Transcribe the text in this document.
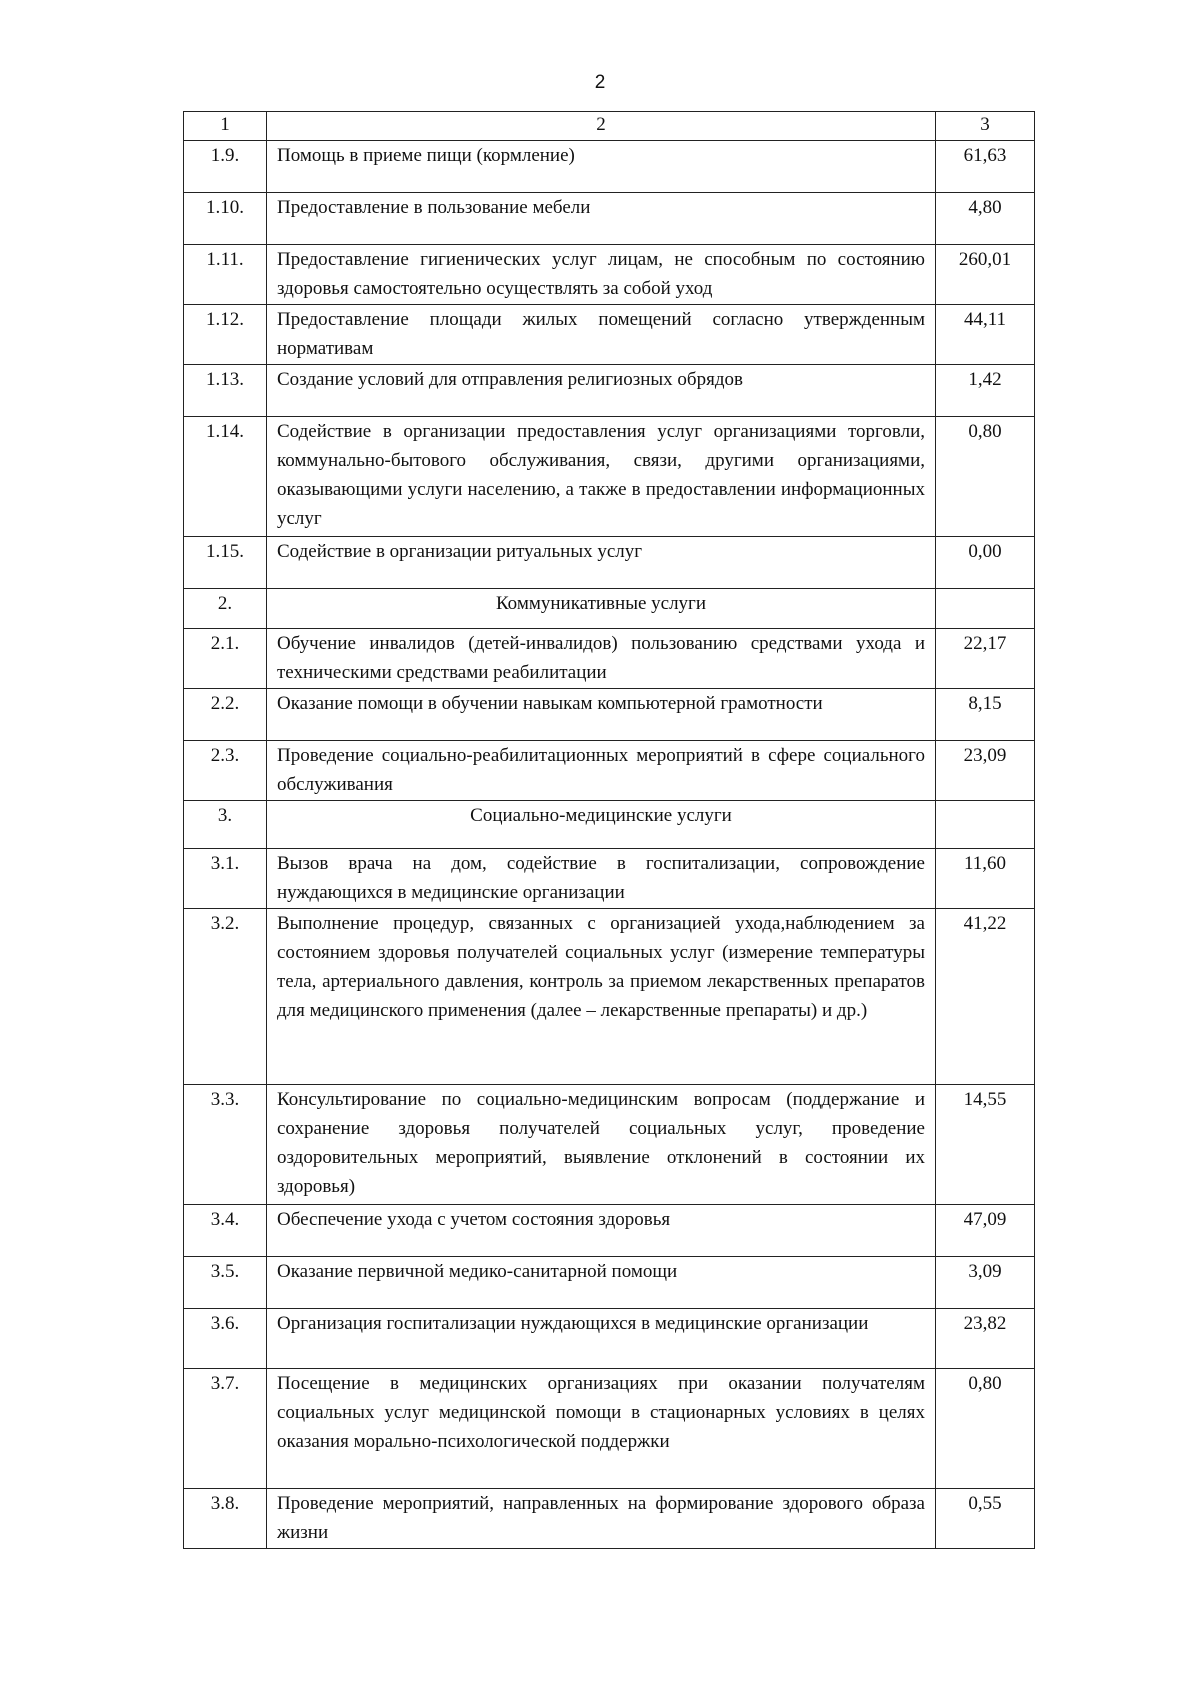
2
1	2	3
1.9.	Помощь в приеме пищи (кормление)	61,63
1.10.	Предоставление в пользование мебели	4,80
1.11.	Предоставление гигиенических услуг лицам, не способным по состоянию здоровья самостоятельно осуществлять за собой уход	260,01
1.12.	Предоставление площади жилых помещений согласно утвержденным нормативам	44,11
1.13.	Создание условий для отправления религиозных обрядов	1,42
1.14.	Содействие в организации предоставления услуг организациями торговли, коммунально-бытового обслуживания, связи, другими организациями, оказывающими услуги населению, а также в предоставлении информационных услуг	0,80
1.15.	Содействие в организации ритуальных услуг	0,00
2.	Коммуникативные услуги	

2.1.	Обучение инвалидов (детей-инвалидов) пользованию средствами ухода и техническими средствами реабилитации	22,17
2.2.	Оказание помощи в обучении навыкам компьютерной грамотности	8,15
2.3.	Проведение социально-реабилитационных мероприятий в сфере социального обслуживания	23,09
3.	Социально-медицинские услуги	

3.1.	Вызов врача на дом, содействие в госпитализации, сопровождение нуждающихся в медицинские организации	11,60
3.2.	Выполнение процедур, связанных с организацией ухода,наблюдением за состоянием здоровья получателей социальных услуг (измерение температуры тела, артериального давления, контроль за приемом лекарственных препаратов для медицинского применения (далее – лекарственные препараты) и др.)	41,22
3.3.	Консультирование по социально-медицинским вопросам (поддержание и сохранение здоровья получателей социальных услуг, проведение оздоровительных мероприятий, выявление отклонений в состоянии их здоровья)	14,55
3.4.	Обеспечение ухода с учетом состояния здоровья	47,09
3.5.	Оказание первичной медико-санитарной помощи	3,09
3.6.	Организация госпитализации нуждающихся в медицинские организации	23,82
3.7.	Посещение в медицинских организациях при оказании получателям социальных услуг медицинской помощи в стационарных условиях в целях оказания морально-психологической поддержки	0,80
3.8.	Проведение мероприятий, направленных на формирование здорового образа жизни	0,55
